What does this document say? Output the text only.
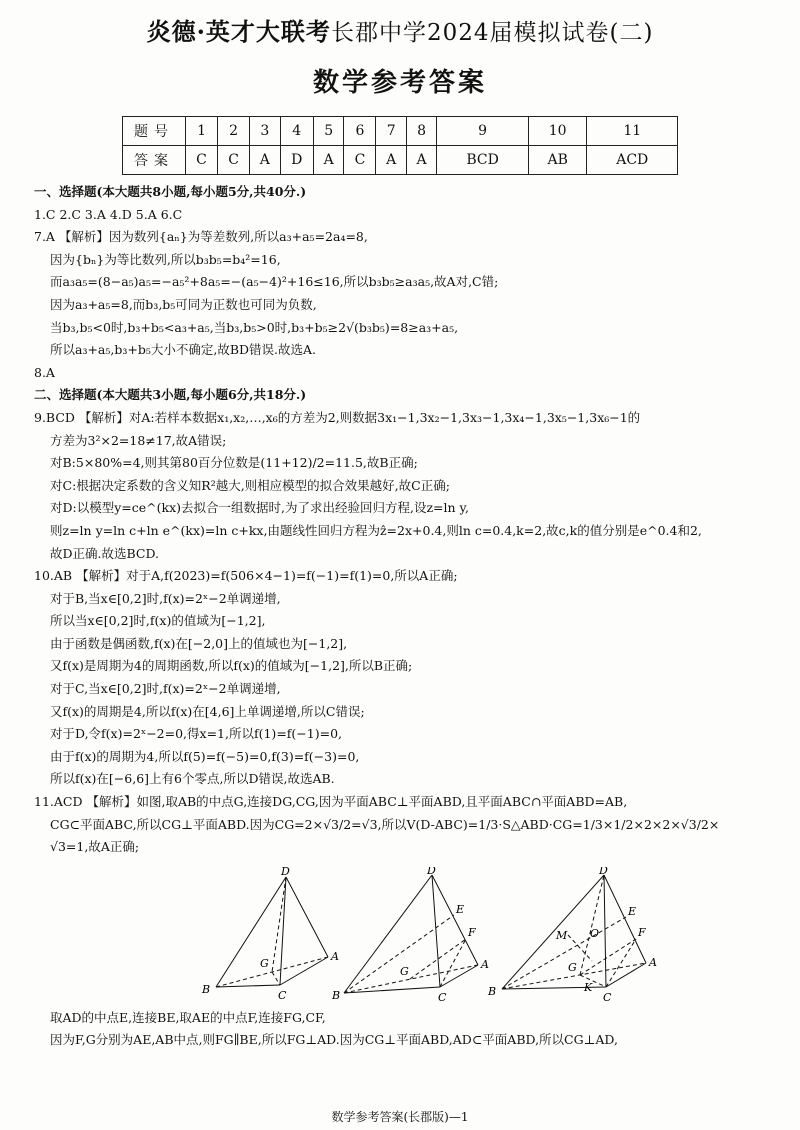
炎德·英才大联考长郡中学2024届模拟试卷(二)
数学参考答案
题号	1	2	3	4	5	6	7	8	9	10	11
答案	C	C	A	D	A	C	A	A	BCD	AB	ACD
一、选择题(本大题共8小题,每小题5分,共40分.)
1.C 2.C 3.A 4.D 5.A 6.C
7.A 【解析】因为数列{aₙ}为等差数列,所以a₃+a₅=2a₄=8,
因为{bₙ}为等比数列,所以b₃b₅=b₄²=16,
而a₃a₅=(8−a₅)a₅=−a₅²+8a₅=−(a₅−4)²+16≤16,所以b₃b₅≥a₃a₅,故A对,C错;
因为a₃+a₅=8,而b₃,b₅可同为正数也可同为负数,
当b₃,b₅<0时,b₃+b₅<a₃+a₅,当b₃,b₅>0时,b₃+b₅≥2√(b₃b₅)=8≥a₃+a₅,
所以a₃+a₅,b₃+b₅大小不确定,故BD错误.故选A.
8.A
二、选择题(本大题共3小题,每小题6分,共18分.)
9.BCD 【解析】对A:若样本数据x₁,x₂,…,x₆的方差为2,则数据3x₁−1,3x₂−1,3x₃−1,3x₄−1,3x₅−1,3x₆−1的
方差为3²×2=18≠17,故A错误;
对B:5×80%=4,则其第80百分位数是(11+12)/2=11.5,故B正确;
对C:根据决定系数的含义知R²越大,则相应模型的拟合效果越好,故C正确;
对D:以模型y=ce^(kx)去拟合一组数据时,为了求出经验回归方程,设z=ln y,
则z=ln y=ln c+ln e^(kx)=ln c+kx,由题线性回归方程为ẑ=2x+0.4,则ln c=0.4,k=2,故c,k的值分别是e^0.4和2,
故D正确.故选BCD.
10.AB 【解析】对于A,f(2023)=f(506×4−1)=f(−1)=f(1)=0,所以A正确;
对于B,当x∈[0,2]时,f(x)=2ˣ−2单调递增,
所以当x∈[0,2]时,f(x)的值域为[−1,2],
由于函数是偶函数,f(x)在[−2,0]上的值域也为[−1,2],
又f(x)是周期为4的周期函数,所以f(x)的值域为[−1,2],所以B正确;
对于C,当x∈[0,2]时,f(x)=2ˣ−2单调递增,
又f(x)的周期是4,所以f(x)在[4,6]上单调递增,所以C错误;
对于D,令f(x)=2ˣ−2=0,得x=1,所以f(1)=f(−1)=0,
由于f(x)的周期为4,所以f(5)=f(−5)=0,f(3)=f(−3)=0,
所以f(x)在[−6,6]上有6个零点,所以D错误,故选AB.
11.ACD 【解析】如图,取AB的中点G,连接DG,CG,因为平面ABC⊥平面ABD,且平面ABC∩平面ABD=AB,
CG⊂平面ABC,所以CG⊥平面ABD.因为CG=2×√3/2=√3,所以V(D-ABC)=1/3·S△ABD·CG=1/3×1/2×2×2×√3/2×
√3=1,故A正确;
D
A
G
B	C
D
E
F
A
G
B	C
D
E
F
M O
A
G
K
B	C
取AD的中点E,连接BE,取AE的中点F,连接FG,CF,
因为F,G分别为AE,AB中点,则FG∥BE,所以FG⊥AD.因为CG⊥平面ABD,AD⊂平面ABD,所以CG⊥AD,
数学参考答案(长郡版)—1
